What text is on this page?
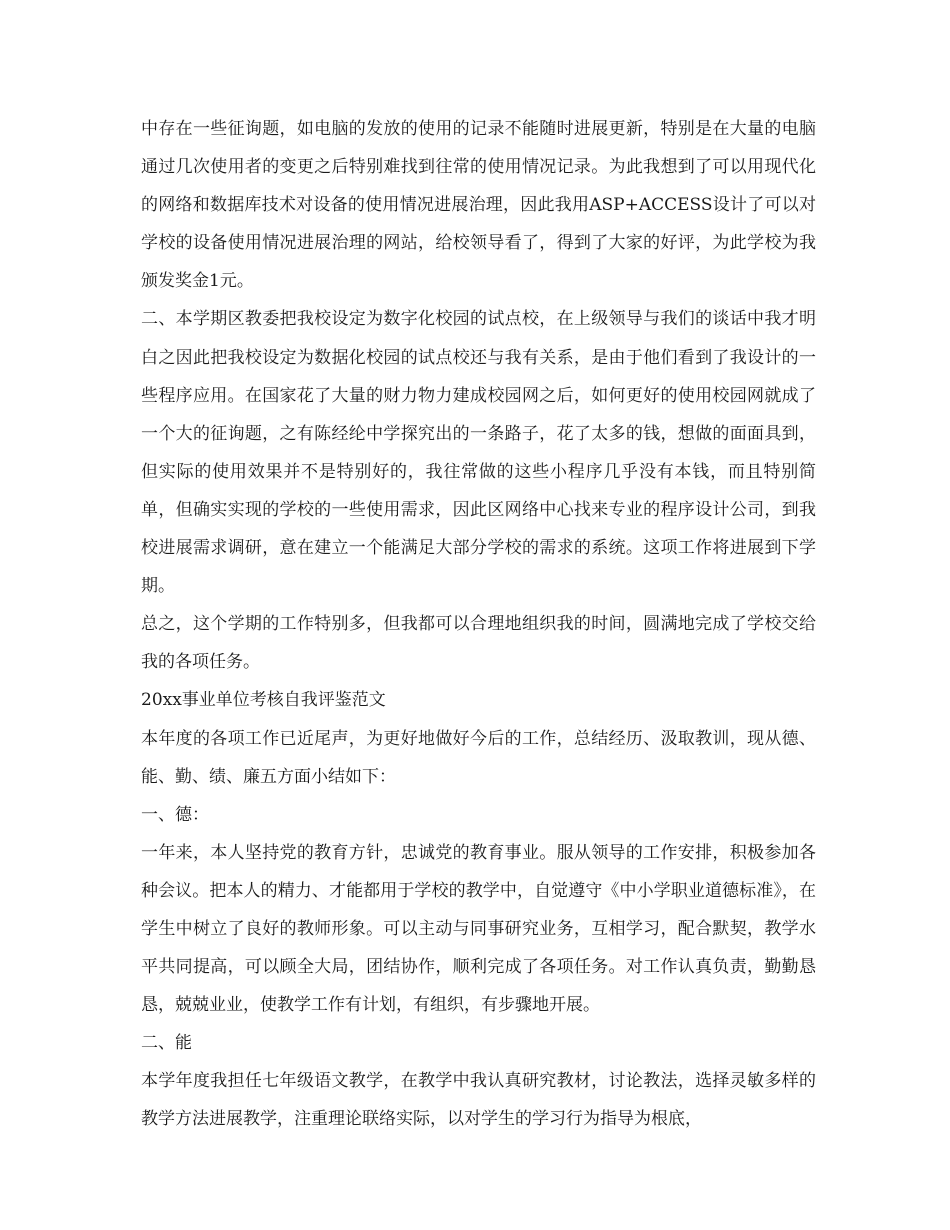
中存在一些征询题，如电脑的发放的使用的记录不能随时进展更新，特别是在大量的电脑通过几次使用者的变更之后特别难找到往常的使用情况记录。为此我想到了可以用现代化的网络和数据库技术对设备的使用情况进展治理，因此我用ASP+ACCESS设计了可以对学校的设备使用情况进展治理的网站，给校领导看了，得到了大家的好评，为此学校为我颁发奖金1元。

二、本学期区教委把我校设定为数字化校园的试点校，在上级领导与我们的谈话中我才明白之因此把我校设定为数据化校园的试点校还与我有关系，是由于他们看到了我设计的一些程序应用。在国家花了大量的财力物力建成校园网之后，如何更好的使用校园网就成了一个大的征询题，之有陈经纶中学探究出的一条路子，花了太多的钱，想做的面面具到，但实际的使用效果并不是特别好的，我往常做的这些小程序几乎没有本钱，而且特别简单，但确实实现的学校的一些使用需求，因此区网络中心找来专业的程序设计公司，到我校进展需求调研，意在建立一个能满足大部分学校的需求的系统。这项工作将进展到下学期。

总之，这个学期的工作特别多，但我都可以合理地组织我的时间，圆满地完成了学校交给我的各项任务。

20xx事业单位考核自我评鉴范文

本年度的各项工作已近尾声，为更好地做好今后的工作，总结经历、汲取教训，现从德、能、勤、绩、廉五方面小结如下：

一、德：

一年来，本人坚持党的教育方针，忠诚党的教育事业。服从领导的工作安排，积极参加各种会议。把本人的精力、才能都用于学校的教学中，自觉遵守《中小学职业道德标准》，在学生中树立了良好的教师形象。可以主动与同事研究业务，互相学习，配合默契，教学水平共同提高，可以顾全大局，团结协作，顺利完成了各项任务。对工作认真负责，勤勤恳恳，兢兢业业，使教学工作有计划，有组织，有步骤地开展。

二、能

本学年度我担任七年级语文教学，在教学中我认真研究教材，讨论教法，选择灵敏多样的教学方法进展教学，注重理论联络实际，以对学生的学习行为指导为根底，
